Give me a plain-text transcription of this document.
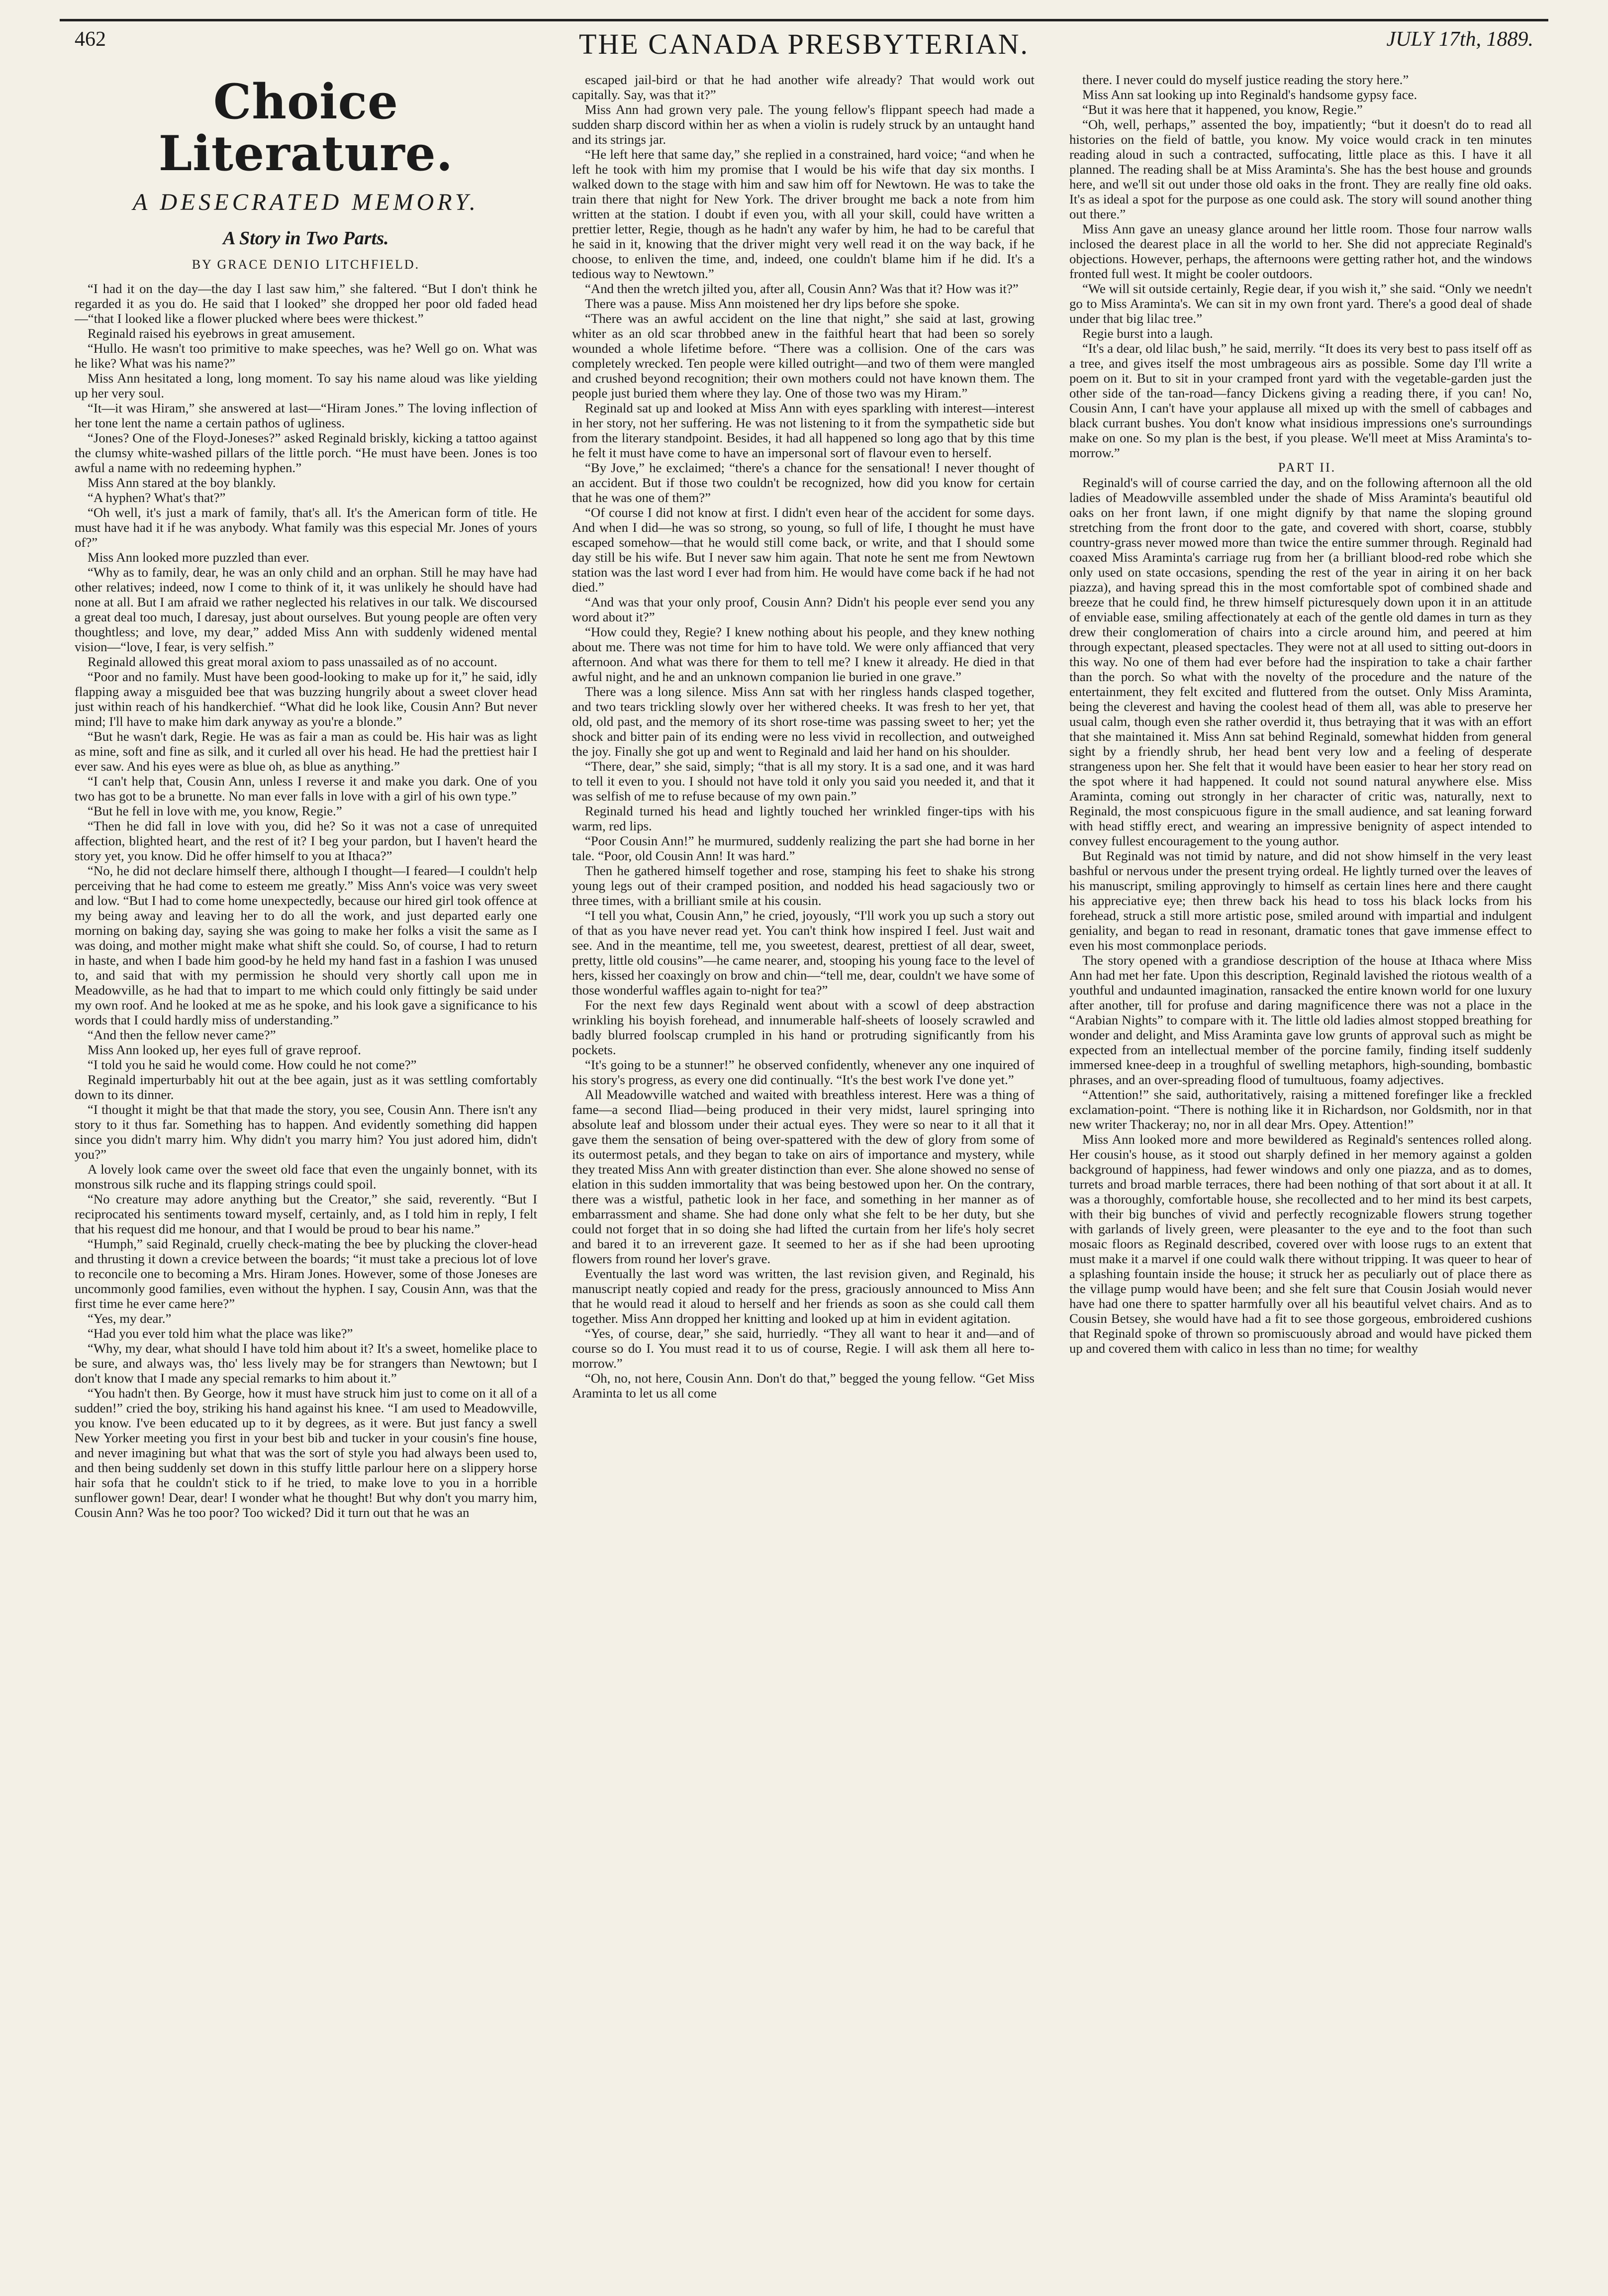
462	THE CANADA PRESBYTERIAN.	JULY 17th, 1889.
Choice Literature.
A DESECRATED MEMORY.
A Story in Two Parts.
BY GRACE DENIO LITCHFIELD.

“I had it on the day—the day I last saw him,” she faltered. “But I don't think he regarded it as you do. He said that I looked” she dropped her poor old faded head—“that I looked like a flower plucked where bees were thickest.”

Reginald raised his eyebrows in great amusement.

“Hullo. He wasn't too primitive to make speeches, was he? Well go on. What was he like? What was his name?”

Miss Ann hesitated a long, long moment. To say his name aloud was like yielding up her very soul.

“It—it was Hiram,” she answered at last—“Hiram Jones.” The loving inflection of her tone lent the name a certain pathos of ugliness.

“Jones? One of the Floyd-Joneses?” asked Reginald briskly, kicking a tattoo against the clumsy white-washed pillars of the little porch. “He must have been. Jones is too awful a name with no redeeming hyphen.”

Miss Ann stared at the boy blankly.

“A hyphen? What's that?”

“Oh well, it's just a mark of family, that's all. It's the American form of title. He must have had it if he was anybody. What family was this especial Mr. Jones of yours of?”

Miss Ann looked more puzzled than ever.

“Why as to family, dear, he was an only child and an orphan. Still he may have had other relatives; indeed, now I come to think of it, it was unlikely he should have had none at all. But I am afraid we rather neglected his relatives in our talk. We discoursed a great deal too much, I daresay, just about ourselves. But young people are often very thoughtless; and love, my dear,” added Miss Ann with suddenly widened mental vision—“love, I fear, is very selfish.”

Reginald allowed this great moral axiom to pass unassailed as of no account.

“Poor and no family. Must have been good-looking to make up for it,” he said, idly flapping away a misguided bee that was buzzing hungrily about a sweet clover head just within reach of his handkerchief. “What did he look like, Cousin Ann? But never mind; I'll have to make him dark anyway as you're a blonde.”

“But he wasn't dark, Regie. He was as fair a man as could be. His hair was as light as mine, soft and fine as silk, and it curled all over his head. He had the prettiest hair I ever saw. And his eyes were as blue oh, as blue as anything.”

“I can't help that, Cousin Ann, unless I reverse it and make you dark. One of you two has got to be a brunette. No man ever falls in love with a girl of his own type.”

“But he fell in love with me, you know, Regie.”

“Then he did fall in love with you, did he? So it was not a case of unrequited affection, blighted heart, and the rest of it? I beg your pardon, but I haven't heard the story yet, you know. Did he offer himself to you at Ithaca?”

“No, he did not declare himself there, although I thought—I feared—I couldn't help perceiving that he had come to esteem me greatly.” Miss Ann's voice was very sweet and low. “But I had to come home unexpectedly, because our hired girl took offence at my being away and leaving her to do all the work, and just departed early one morning on baking day, saying she was going to make her folks a visit the same as I was doing, and mother might make what shift she could. So, of course, I had to return in haste, and when I bade him good-by he held my hand fast in a fashion I was unused to, and said that with my permission he should very shortly call upon me in Meadowville, as he had that to impart to me which could only fittingly be said under my own roof. And he looked at me as he spoke, and his look gave a significance to his words that I could hardly miss of understanding.”

“And then the fellow never came?”

Miss Ann looked up, her eyes full of grave reproof.

“I told you he said he would come. How could he not come?”

Reginald imperturbably hit out at the bee again, just as it was settling comfortably down to its dinner.

“I thought it might be that that made the story, you see, Cousin Ann. There isn't any story to it thus far. Something has to happen. And evidently something did happen since you didn't marry him. Why didn't you marry him? You just adored him, didn't you?”

A lovely look came over the sweet old face that even the ungainly bonnet, with its monstrous silk ruche and its flapping strings could spoil.

“No creature may adore anything but the Creator,” she said, reverently. “But I reciprocated his sentiments toward myself, certainly, and, as I told him in reply, I felt that his request did me honour, and that I would be proud to bear his name.”

“Humph,” said Reginald, cruelly check-mating the bee by plucking the clover-head and thrusting it down a crevice between the boards; “it must take a precious lot of love to reconcile one to becoming a Mrs. Hiram Jones. However, some of those Joneses are uncommonly good families, even without the hyphen. I say, Cousin Ann, was that the first time he ever came here?”

“Yes, my dear.”

“Had you ever told him what the place was like?”

“Why, my dear, what should I have told him about it? It's a sweet, homelike place to be sure, and always was, tho' less lively may be for strangers than Newtown; but I don't know that I made any special remarks to him about it.”

“You hadn't then. By George, how it must have struck him just to come on it all of a sudden!” cried the boy, striking his hand against his knee. “I am used to Meadowville, you know. I've been educated up to it by degrees, as it were. But just fancy a swell New Yorker meeting you first in your best bib and tucker in your cousin's fine house, and never imagining but what that was the sort of style you had always been used to, and then being suddenly set down in this stuffy little parlour here on a slippery horse hair sofa that he couldn't stick to if he tried, to make love to you in a horrible sunflower gown! Dear, dear! I wonder what he thought! But why don't you marry him, Cousin Ann? Was he too poor? Too wicked? Did it turn out that he was an

escaped jail-bird or that he had another wife already? That would work out capitally. Say, was that it?”

Miss Ann had grown very pale. The young fellow's flippant speech had made a sudden sharp discord within her as when a violin is rudely struck by an untaught hand and its strings jar.

“He left here that same day,” she replied in a constrained, hard voice; “and when he left he took with him my promise that I would be his wife that day six months. I walked down to the stage with him and saw him off for Newtown. He was to take the train there that night for New York. The driver brought me back a note from him written at the station. I doubt if even you, with all your skill, could have written a prettier letter, Regie, though as he hadn't any wafer by him, he had to be careful that he said in it, knowing that the driver might very well read it on the way back, if he choose, to enliven the time, and, indeed, one couldn't blame him if he did. It's a tedious way to Newtown.”

“And then the wretch jilted you, after all, Cousin Ann? Was that it? How was it?”

There was a pause. Miss Ann moistened her dry lips before she spoke.

“There was an awful accident on the line that night,” she said at last, growing whiter as an old scar throbbed anew in the faithful heart that had been so sorely wounded a whole lifetime before. “There was a collision. One of the cars was completely wrecked. Ten people were killed outright—and two of them were mangled and crushed beyond recognition; their own mothers could not have known them. The people just buried them where they lay. One of those two was my Hiram.”

Reginald sat up and looked at Miss Ann with eyes sparkling with interest—interest in her story, not her suffering. He was not listening to it from the sympathetic side but from the literary standpoint. Besides, it had all happened so long ago that by this time he felt it must have come to have an impersonal sort of flavour even to herself.

“By Jove,” he exclaimed; “there's a chance for the sensational! I never thought of an accident. But if those two couldn't be recognized, how did you know for certain that he was one of them?”

“Of course I did not know at first. I didn't even hear of the accident for some days. And when I did—he was so strong, so young, so full of life, I thought he must have escaped somehow—that he would still come back, or write, and that I should some day still be his wife. But I never saw him again. That note he sent me from Newtown station was the last word I ever had from him. He would have come back if he had not died.”

“And was that your only proof, Cousin Ann? Didn't his people ever send you any word about it?”

“How could they, Regie? I knew nothing about his people, and they knew nothing about me. There was not time for him to have told. We were only affianced that very afternoon. And what was there for them to tell me? I knew it already. He died in that awful night, and he and an unknown companion lie buried in one grave.”

There was a long silence. Miss Ann sat with her ringless hands clasped together, and two tears trickling slowly over her withered cheeks. It was fresh to her yet, that old, old past, and the memory of its short rose-time was passing sweet to her; yet the shock and bitter pain of its ending were no less vivid in recollection, and outweighed the joy. Finally she got up and went to Reginald and laid her hand on his shoulder.

“There, dear,” she said, simply; “that is all my story. It is a sad one, and it was hard to tell it even to you. I should not have told it only you said you needed it, and that it was selfish of me to refuse because of my own pain.”

Reginald turned his head and lightly touched her wrinkled finger-tips with his warm, red lips.

“Poor Cousin Ann!” he murmured, suddenly realizing the part she had borne in her tale. “Poor, old Cousin Ann! It was hard.”

Then he gathered himself together and rose, stamping his feet to shake his strong young legs out of their cramped position, and nodded his head sagaciously two or three times, with a brilliant smile at his cousin.

“I tell you what, Cousin Ann,” he cried, joyously, “I'll work you up such a story out of that as you have never read yet. You can't think how inspired I feel. Just wait and see. And in the meantime, tell me, you sweetest, dearest, prettiest of all dear, sweet, pretty, little old cousins”—he came nearer, and, stooping his young face to the level of hers, kissed her coaxingly on brow and chin—“tell me, dear, couldn't we have some of those wonderful waffles again to-night for tea?”

For the next few days Reginald went about with a scowl of deep abstraction wrinkling his boyish forehead, and innumerable half-sheets of loosely scrawled and badly blurred foolscap crumpled in his hand or protruding significantly from his pockets.

“It's going to be a stunner!” he observed confidently, whenever any one inquired of his story's progress, as every one did continually. “It's the best work I've done yet.”

All Meadowville watched and waited with breathless interest. Here was a thing of fame—a second Iliad—being produced in their very midst, laurel springing into absolute leaf and blossom under their actual eyes. They were so near to it all that it gave them the sensation of being over-spattered with the dew of glory from some of its outermost petals, and they began to take on airs of importance and mystery, while they treated Miss Ann with greater distinction than ever. She alone showed no sense of elation in this sudden immortality that was being bestowed upon her. On the contrary, there was a wistful, pathetic look in her face, and something in her manner as of embarrassment and shame. She had done only what she felt to be her duty, but she could not forget that in so doing she had lifted the curtain from her life's holy secret and bared it to an irreverent gaze. It seemed to her as if she had been uprooting flowers from round her lover's grave.

Eventually the last word was written, the last revision given, and Reginald, his manuscript neatly copied and ready for the press, graciously announced to Miss Ann that he would read it aloud to herself and her friends as soon as she could call them together. Miss Ann dropped her knitting and looked up at him in evident agitation.

“Yes, of course, dear,” she said, hurriedly. “They all want to hear it and—and of course so do I. You must read it to us of course, Regie. I will ask them all here to-morrow.”

“Oh, no, not here, Cousin Ann. Don't do that,” begged the young fellow. “Get Miss Araminta to let us all come

there. I never could do myself justice reading the story here.”

Miss Ann sat looking up into Reginald's handsome gypsy face.

“But it was here that it happened, you know, Regie.”

“Oh, well, perhaps,” assented the boy, impatiently; “but it doesn't do to read all histories on the field of battle, you know. My voice would crack in ten minutes reading aloud in such a contracted, suffocating, little place as this. I have it all planned. The reading shall be at Miss Araminta's. She has the best house and grounds here, and we'll sit out under those old oaks in the front. They are really fine old oaks. It's as ideal a spot for the purpose as one could ask. The story will sound another thing out there.”

Miss Ann gave an uneasy glance around her little room. Those four narrow walls inclosed the dearest place in all the world to her. She did not appreciate Reginald's objections. However, perhaps, the afternoons were getting rather hot, and the windows fronted full west. It might be cooler outdoors.

“We will sit outside certainly, Regie dear, if you wish it,” she said. “Only we needn't go to Miss Araminta's. We can sit in my own front yard. There's a good deal of shade under that big lilac tree.”

Regie burst into a laugh.

“It's a dear, old lilac bush,” he said, merrily. “It does its very best to pass itself off as a tree, and gives itself the most umbrageous airs as possible. Some day I'll write a poem on it. But to sit in your cramped front yard with the vegetable-garden just the other side of the tan-road—fancy Dickens giving a reading there, if you can! No, Cousin Ann, I can't have your applause all mixed up with the smell of cabbages and black currant bushes. You don't know what insidious impressions one's surroundings make on one. So my plan is the best, if you please. We'll meet at Miss Araminta's to-morrow.”

PART II.

Reginald's will of course carried the day, and on the following afternoon all the old ladies of Meadowville assembled under the shade of Miss Araminta's beautiful old oaks on her front lawn, if one might dignify by that name the sloping ground stretching from the front door to the gate, and covered with short, coarse, stubbly country-grass never mowed more than twice the entire summer through. Reginald had coaxed Miss Araminta's carriage rug from her (a brilliant blood-red robe which she only used on state occasions, spending the rest of the year in airing it on her back piazza), and having spread this in the most comfortable spot of combined shade and breeze that he could find, he threw himself picturesquely down upon it in an attitude of enviable ease, smiling affectionately at each of the gentle old dames in turn as they drew their conglomeration of chairs into a circle around him, and peered at him through expectant, pleased spectacles. They were not at all used to sitting out-doors in this way. No one of them had ever before had the inspiration to take a chair farther than the porch. So what with the novelty of the procedure and the nature of the entertainment, they felt excited and fluttered from the outset. Only Miss Araminta, being the cleverest and having the coolest head of them all, was able to preserve her usual calm, though even she rather overdid it, thus betraying that it was with an effort that she maintained it. Miss Ann sat behind Reginald, somewhat hidden from general sight by a friendly shrub, her head bent very low and a feeling of desperate strangeness upon her. She felt that it would have been easier to hear her story read on the spot where it had happened. It could not sound natural anywhere else. Miss Araminta, coming out strongly in her character of critic was, naturally, next to Reginald, the most conspicuous figure in the small audience, and sat leaning forward with head stiffly erect, and wearing an impressive benignity of aspect intended to convey fullest encouragement to the young author.

But Reginald was not timid by nature, and did not show himself in the very least bashful or nervous under the present trying ordeal. He lightly turned over the leaves of his manuscript, smiling approvingly to himself as certain lines here and there caught his appreciative eye; then threw back his head to toss his black locks from his forehead, struck a still more artistic pose, smiled around with impartial and indulgent geniality, and began to read in resonant, dramatic tones that gave immense effect to even his most commonplace periods.

The story opened with a grandiose description of the house at Ithaca where Miss Ann had met her fate. Upon this description, Reginald lavished the riotous wealth of a youthful and undaunted imagination, ransacked the entire known world for one luxury after another, till for profuse and daring magnificence there was not a place in the “Arabian Nights” to compare with it. The little old ladies almost stopped breathing for wonder and delight, and Miss Araminta gave low grunts of approval such as might be expected from an intellectual member of the porcine family, finding itself suddenly immersed knee-deep in a troughful of swelling metaphors, high-sounding, bombastic phrases, and an over-spreading flood of tumultuous, foamy adjectives.

“Attention!” she said, authoritatively, raising a mittened forefinger like a freckled exclamation-point. “There is nothing like it in Richardson, nor Goldsmith, nor in that new writer Thackeray; no, nor in all dear Mrs. Opey. Attention!”

Miss Ann looked more and more bewildered as Reginald's sentences rolled along. Her cousin's house, as it stood out sharply defined in her memory against a golden background of happiness, had fewer windows and only one piazza, and as to domes, turrets and broad marble terraces, there had been nothing of that sort about it at all. It was a thoroughly, comfortable house, she recollected and to her mind its best carpets, with their big bunches of vivid and perfectly recognizable flowers strung together with garlands of lively green, were pleasanter to the eye and to the foot than such mosaic floors as Reginald described, covered over with loose rugs to an extent that must make it a marvel if one could walk there without tripping. It was queer to hear of a splashing fountain inside the house; it struck her as peculiarly out of place there as the village pump would have been; and she felt sure that Cousin Josiah would never have had one there to spatter harmfully over all his beautiful velvet chairs. And as to Cousin Betsey, she would have had a fit to see those gorgeous, embroidered cushions that Reginald spoke of thrown so promiscuously abroad and would have picked them up and covered them with calico in less than no time; for wealthy
